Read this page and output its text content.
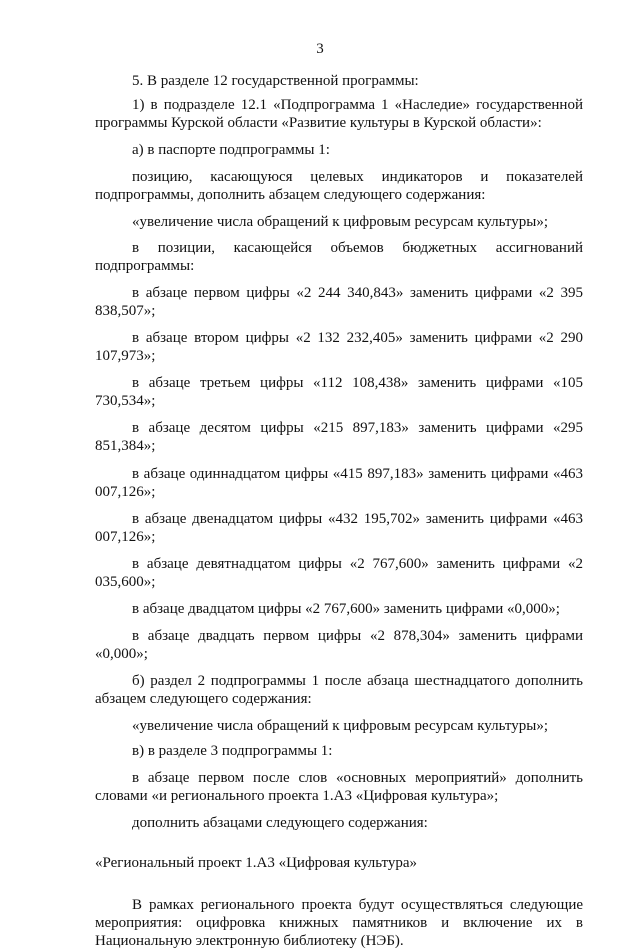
3

5. В разделе 12 государственной программы:

1) в подразделе 12.1 «Подпрограмма 1 «Наследие» государственной программы Курской области «Развитие культуры в Курской области»:

а) в паспорте подпрограммы 1:

позицию, касающуюся целевых индикаторов и показателей подпрограммы, дополнить абзацем следующего содержания:

«увеличение числа обращений к цифровым ресурсам культуры»;

в позиции, касающейся объемов бюджетных ассигнований подпрограммы:

в абзаце первом цифры «2 244 340,843» заменить цифрами «2 395 838,507»;

в абзаце втором цифры «2 132 232,405» заменить цифрами «2 290 107,973»;

в абзаце третьем цифры «112 108,438» заменить цифрами «105 730,534»;

в абзаце десятом цифры «215 897,183» заменить цифрами «295 851,384»;

в абзаце одиннадцатом цифры «415 897,183» заменить цифрами «463 007,126»;

в абзаце двенадцатом цифры «432 195,702» заменить цифрами «463 007,126»;

в абзаце девятнадцатом цифры «2 767,600» заменить цифрами «2 035,600»;

в абзаце двадцатом цифры «2 767,600» заменить цифрами «0,000»;

в абзаце двадцать первом цифры «2 878,304» заменить цифрами «0,000»;

б) раздел 2 подпрограммы 1 после абзаца шестнадцатого дополнить абзацем следующего содержания:

«увеличение числа обращений к цифровым ресурсам культуры»;

в) в разделе 3 подпрограммы 1:

в абзаце первом после слов «основных мероприятий» дополнить словами «и регионального проекта 1.А3 «Цифровая культура»;

дополнить абзацами следующего содержания:

«Региональный проект 1.А3 «Цифровая культура»

В рамках регионального проекта будут осуществляться следующие мероприятия: оцифровка книжных памятников и включение их в Национальную электронную библиотеку (НЭБ).
